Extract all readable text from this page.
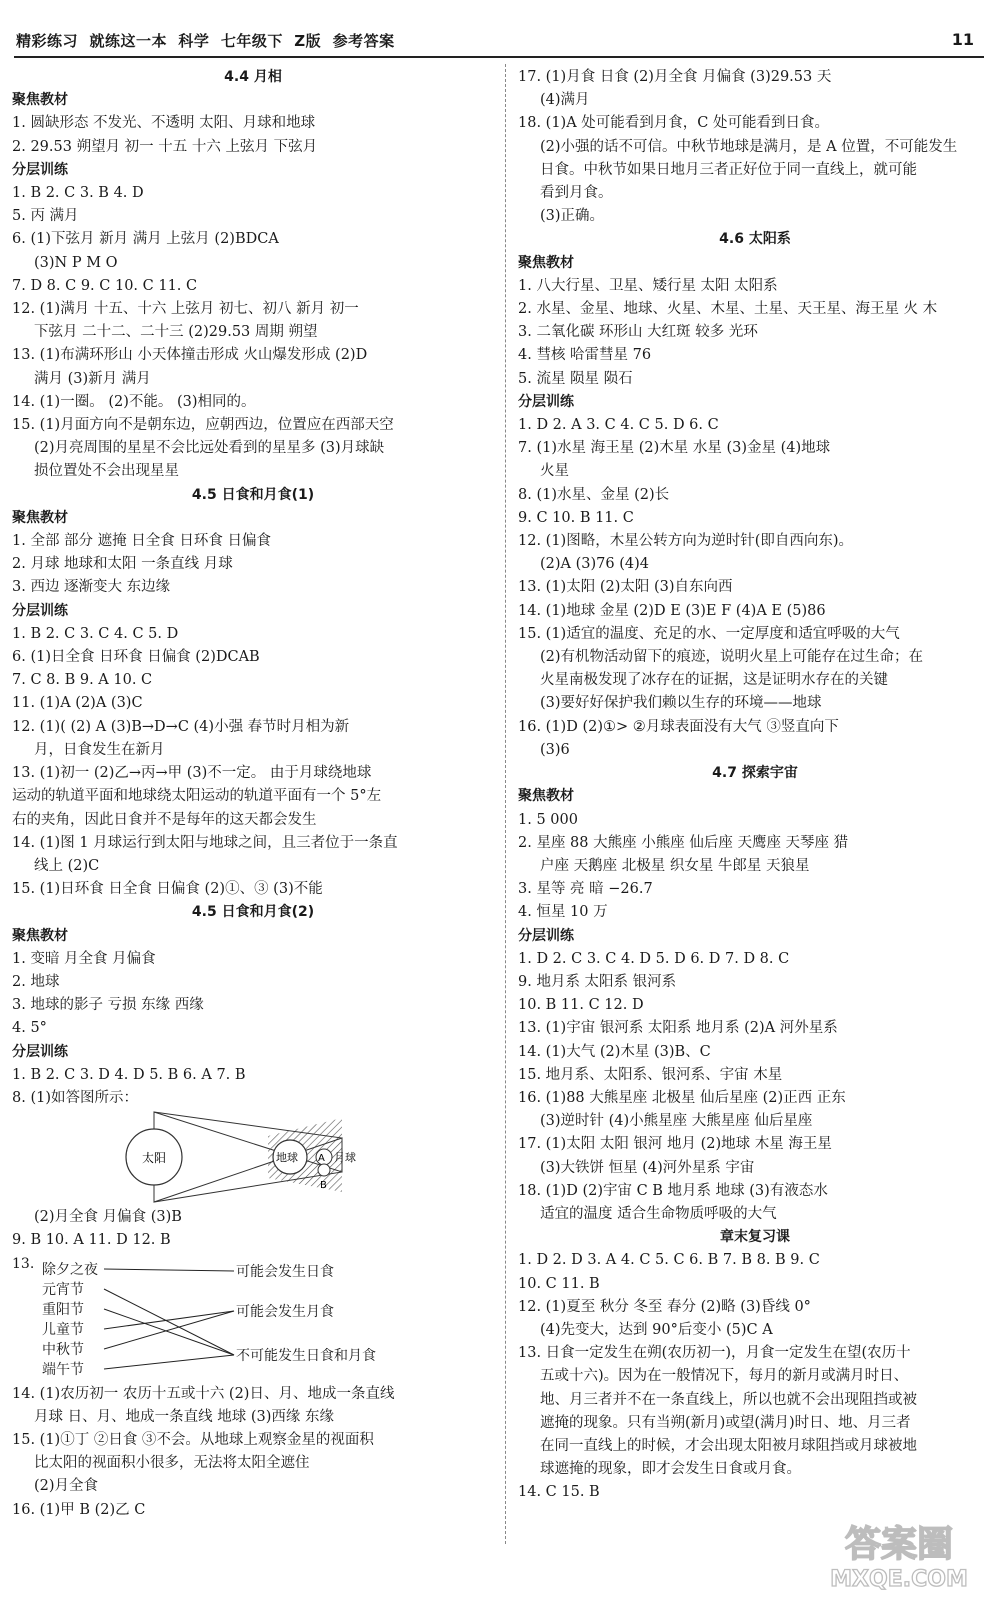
精彩练习  就练这一本  科学  七年级下  Z版  参考答案	11
4.4 月相
聚焦教材
1. 圆缺形态 不发光、不透明 太阳、月球和地球
2. 29.53 朔望月 初一 十五 十六 上弦月 下弦月
分层训练
1. B 2. C 3. B 4. D
5. 丙 满月
6. (1)下弦月 新月 满月 上弦月 (2)BDCA
(3)N P M O
7. D 8. C 9. C 10. C 11. C
12. (1)满月 十五、十六 上弦月 初七、初八 新月 初一
下弦月 二十二、二十三 (2)29.53 周期 朔望
13. (1)布满环形山 小天体撞击形成 火山爆发形成 (2)D
满月 (3)新月 满月
14. (1)一圈。 (2)不能。 (3)相同的。
15. (1)月面方向不是朝东边，应朝西边，位置应在西部天空
(2)月亮周围的星星不会比远处看到的星星多 (3)月球缺
损位置处不会出现星星
4.5 日食和月食(1)
聚焦教材
1. 全部 部分 遮掩 日全食 日环食 日偏食
2. 月球 地球和太阳 一条直线 月球
3. 西边 逐渐变大 东边缘
分层训练
1. B 2. C 3. C 4. C 5. D
6. (1)日全食 日环食 日偏食 (2)DCAB
7. C 8. B 9. A 10. C
11. (1)A (2)A (3)C
12. (1)( (2) A (3)B→D→C (4)小强 春节时月相为新
月，日食发生在新月
13. (1)初一 (2)乙→丙→甲 (3)不一定。 由于月球绕地球
运动的轨道平面和地球绕太阳运动的轨道平面有一个 5°左
右的夹角，因此日食并不是每年的这天都会发生
14. (1)图 1 月球运行到太阳与地球之间，且三者位于一条直
线上 (2)C
15. (1)日环食 日全食 日偏食 (2)①、③ (3)不能
4.5 日食和月食(2)
聚焦教材
1. 变暗 月全食 月偏食
2. 地球
3. 地球的影子 亏损 东缘 西缘
4. 5°
分层训练
1. B 2. C 3. D 4. D 5. B 6. A 7. B
8. (1)如答图所示：
太阳	地球 A 月球
B
(2)月全食 月偏食 (3)B
9. B 10. A 11. D 12. B
13. 除夕之夜
元宵节
重阳节
儿童节
中秋节
端午节
可能会发生日食
可能会发生月食
不可能发生日食和月食
14. (1)农历初一 农历十五或十六 (2)日、月、地成一条直线
月球 日、月、地成一条直线 地球 (3)西缘 东缘
15. (1)①丁 ②日食 ③不会。从地球上观察金星的视面积
比太阳的视面积小很多，无法将太阳全遮住
(2)月全食
16. (1)甲 B (2)乙 C
17. (1)月食 日食 (2)月全食 月偏食 (3)29.53 天
(4)满月
18. (1)A 处可能看到月食，C 处可能看到日食。
(2)小强的话不可信。中秋节地球是满月，是 A 位置，不可能发生
日食。中秋节如果日地月三者正好位于同一直线上，就可能
看到月食。
(3)正确。
4.6 太阳系
聚焦教材
1. 八大行星、卫星、矮行星 太阳 太阳系
2. 水星、金星、地球、火星、木星、土星、天王星、海王星 火 木
3. 二氧化碳 环形山 大红斑 较多 光环
4. 彗核 哈雷彗星 76
5. 流星 陨星 陨石
分层训练
1. D 2. A 3. C 4. C 5. D 6. C
7. (1)水星 海王星 (2)木星 水星 (3)金星 (4)地球
火星
8. (1)水星、金星 (2)长
9. C 10. B 11. C
12. (1)图略，木星公转方向为逆时针(即自西向东)。
(2)A (3)76 (4)4
13. (1)太阳 (2)太阳 (3)自东向西
14. (1)地球 金星 (2)D E (3)E F (4)A E (5)86
15. (1)适宜的温度、充足的水、一定厚度和适宜呼吸的大气
(2)有机物活动留下的痕迹，说明火星上可能存在过生命；在
火星南极发现了冰存在的证据，这是证明水存在的关键
(3)要好好保护我们赖以生存的环境——地球
16. (1)D (2)①> ②月球表面没有大气 ③竖直向下
(3)6
4.7 探索宇宙
聚焦教材
1. 5 000
2. 星座 88 大熊座 小熊座 仙后座 天鹰座 天琴座 猎
户座 天鹅座 北极星 织女星 牛郎星 天狼星
3. 星等 亮 暗 −26.7
4. 恒星 10 万
分层训练
1. D 2. C 3. C 4. D 5. D 6. D 7. D 8. C
9. 地月系 太阳系 银河系
10. B 11. C 12. D
13. (1)宇宙 银河系 太阳系 地月系 (2)A 河外星系
14. (1)大气 (2)木星 (3)B、C
15. 地月系、太阳系、银河系、宇宙 木星
16. (1)88 大熊星座 北极星 仙后星座 (2)正西 正东
(3)逆时针 (4)小熊星座 大熊星座 仙后星座
17. (1)太阳 太阳 银河 地月 (2)地球 木星 海王星
(3)大铁饼 恒星 (4)河外星系 宇宙
18. (1)D (2)宇宙 C B 地月系 地球 (3)有液态水
适宜的温度 适合生命物质呼吸的大气
章末复习课
1. D 2. D 3. A 4. C 5. C 6. B 7. B 8. B 9. C
10. C 11. B
12. (1)夏至 秋分 冬至 春分 (2)略 (3)昏线 0°
(4)先变大，达到 90°后变小 (5)C A
13. 日食一定发生在朔(农历初一)，月食一定发生在望(农历十
五或十六)。因为在一般情况下，每月的新月或满月时日、
地、月三者并不在一条直线上，所以也就不会出现阻挡或被
遮掩的现象。只有当朔(新月)或望(满月)时日、地、月三者
在同一直线上的时候，才会出现太阳被月球阻挡或月球被地
球遮掩的现象，即才会发生日食或月食。
14. C 15. B
答案圈
MXQE.COM
